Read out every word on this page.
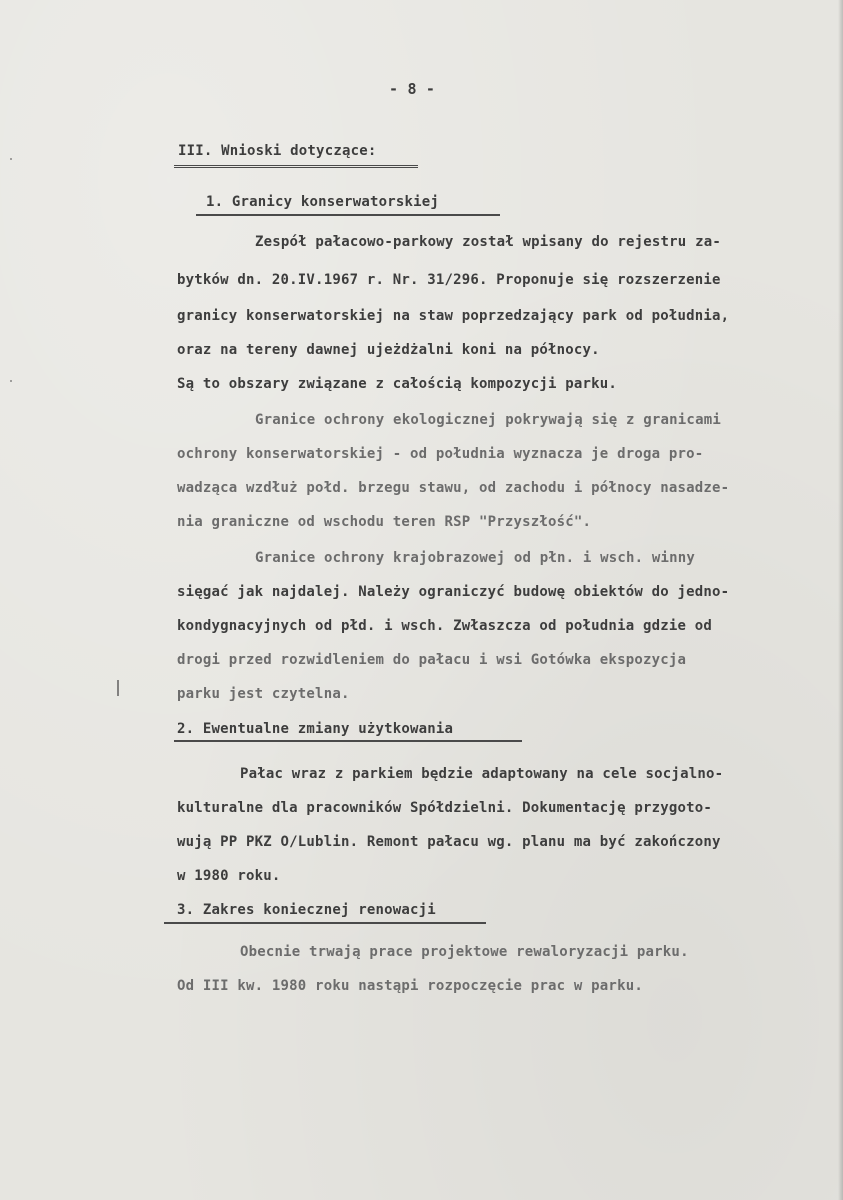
- 8 -
III. Wnioski dotyczące:
1. Granicy konserwatorskiej
Zespół pałacowo-parkowy został wpisany do rejestru za-
bytków dn. 20.IV.1967 r. Nr. 31/296. Proponuje się rozszerzenie
granicy konserwatorskiej na staw poprzedzający park od południa,
oraz na tereny dawnej ujeżdżalni koni na północy.
Są to obszary związane z całością kompozycji parku.
Granice ochrony ekologicznej pokrywają się z granicami
ochrony konserwatorskiej - od południa wyznacza je droga pro-
wadząca wzdłuż połd. brzegu stawu, od zachodu i północy nasadze-
nia graniczne od wschodu teren RSP "Przyszłość".
Granice ochrony krajobrazowej od płn. i wsch. winny
sięgać jak najdalej. Należy ograniczyć budowę obiektów do jedno-
kondygnacyjnych od płd. i wsch. Zwłaszcza od południa gdzie od
drogi przed rozwidleniem do pałacu i wsi Gotówka ekspozycja
parku jest czytelna.
2. Ewentualne zmiany użytkowania
Pałac wraz z parkiem będzie adaptowany na cele socjalno-
kulturalne dla pracowników Spółdzielni. Dokumentację przygoto-
wują PP PKZ O/Lublin. Remont pałacu wg. planu ma być zakończony
w 1980 roku.
3. Zakres koniecznej renowacji
Obecnie trwają prace projektowe rewaloryzacji parku.
Od III kw. 1980 roku nastąpi rozpoczęcie prac w parku.
